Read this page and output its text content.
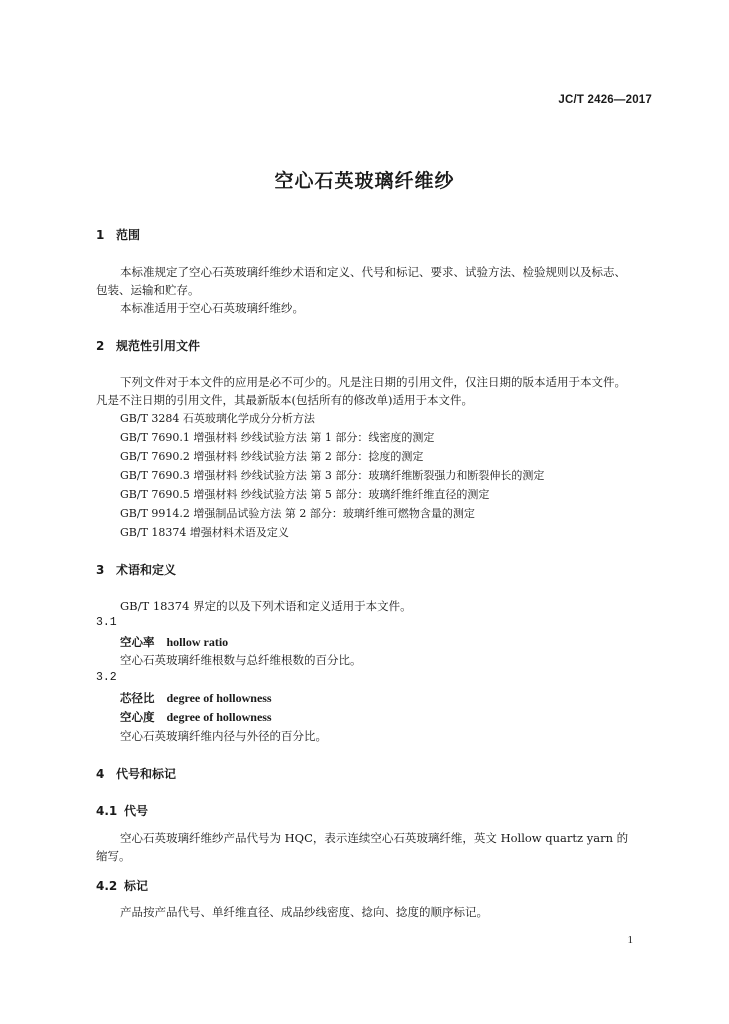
JC/T 2426—2017
空心石英玻璃纤维纱
1 范围
本标准规定了空心石英玻璃纤维纱术语和定义、代号和标记、要求、试验方法、检验规则以及标志、
包装、运输和贮存。
本标准适用于空心石英玻璃纤维纱。
2 规范性引用文件
下列文件对于本文件的应用是必不可少的。凡是注日期的引用文件，仅注日期的版本适用于本文件。
凡是不注日期的引用文件，其最新版本(包括所有的修改单)适用于本文件。
GB/T 3284 石英玻璃化学成分分析方法
GB/T 7690.1 增强材料 纱线试验方法 第 1 部分：线密度的测定
GB/T 7690.2 增强材料 纱线试验方法 第 2 部分：捻度的测定
GB/T 7690.3 增强材料 纱线试验方法 第 3 部分：玻璃纤维断裂强力和断裂伸长的测定
GB/T 7690.5 增强材料 纱线试验方法 第 5 部分：玻璃纤维纤维直径的测定
GB/T 9914.2 增强制品试验方法 第 2 部分：玻璃纤维可燃物含量的测定
GB/T 18374 增强材料术语及定义
3 术语和定义
GB/T 18374 界定的以及下列术语和定义适用于本文件。
3.1
空心率 hollow ratio
空心石英玻璃纤维根数与总纤维根数的百分比。
3.2
芯径比 degree of hollowness
空心度 degree of hollowness
空心石英玻璃纤维内径与外径的百分比。
4 代号和标记
4.1 代号
空心石英玻璃纤维纱产品代号为 HQC，表示连续空心石英玻璃纤维，英文 Hollow quartz yarn 的
缩写。
4.2 标记
产品按产品代号、单纤维直径、成品纱线密度、捻向、捻度的顺序标记。
1
